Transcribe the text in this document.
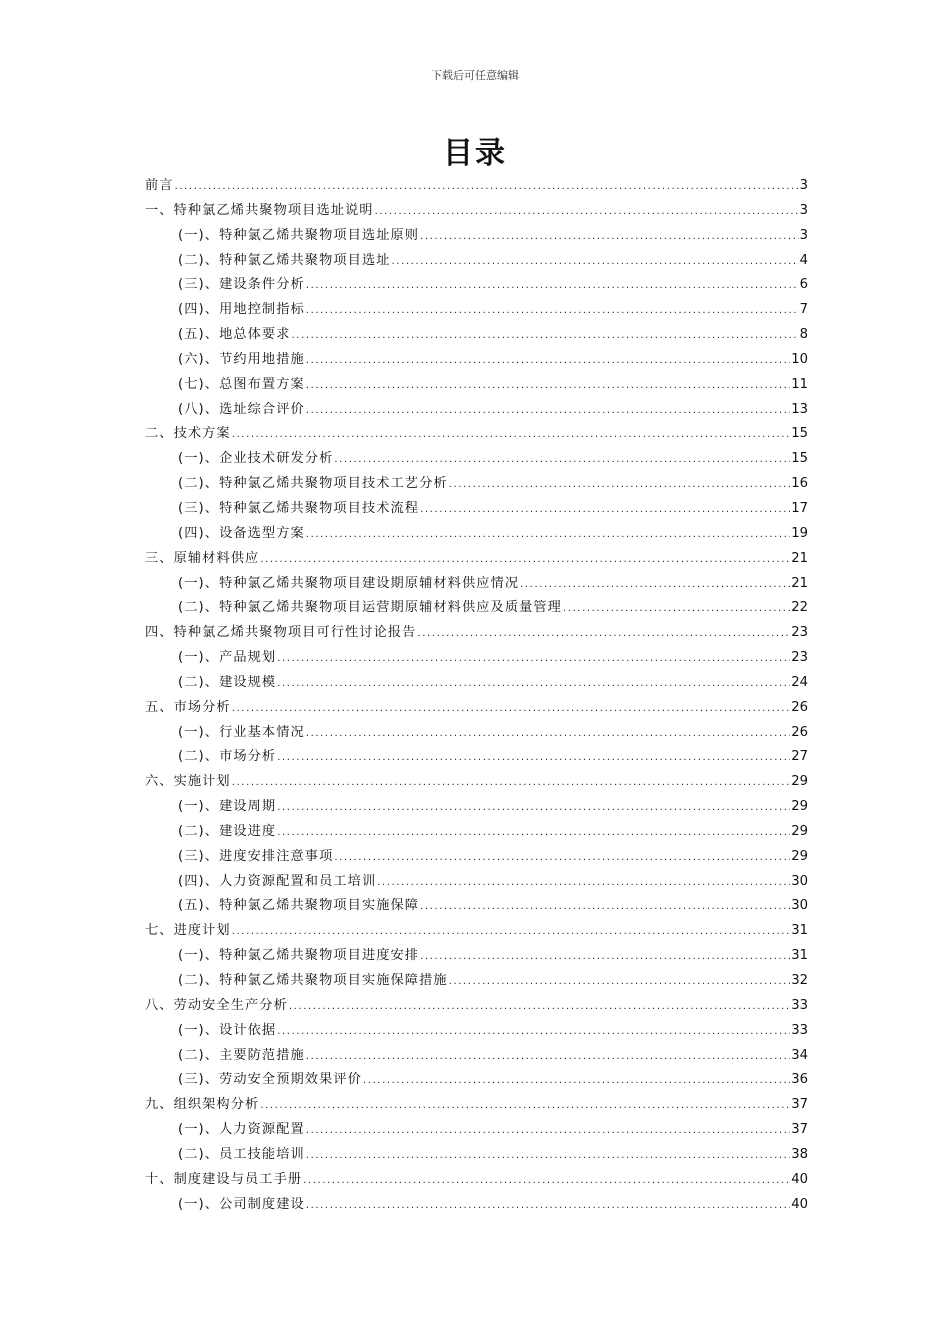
下载后可任意编辑
目录
前言 .....	3
一、特种氯乙烯共聚物项目选址说明 .....	3
(一)、特种氯乙烯共聚物项目选址原则 .....	3
(二)、特种氯乙烯共聚物项目选址 .....	4
(三)、建设条件分析 .....	6
(四)、用地控制指标 .....	7
(五)、地总体要求 .....	8
(六)、节约用地措施 .....	10
(七)、总图布置方案 .....	11
(八)、选址综合评价 .....	13
二、技术方案 .....	15
(一)、企业技术研发分析 .....	15
(二)、特种氯乙烯共聚物项目技术工艺分析 .....	16
(三)、特种氯乙烯共聚物项目技术流程 .....	17
(四)、设备选型方案 .....	19
三、原辅材料供应 .....	21
(一)、特种氯乙烯共聚物项目建设期原辅材料供应情况 .....	21
(二)、特种氯乙烯共聚物项目运营期原辅材料供应及质量管理 .....	22
四、特种氯乙烯共聚物项目可行性讨论报告 .....	23
(一)、产品规划 .....	23
(二)、建设规模 .....	24
五、市场分析 .....	26
(一)、行业基本情况 .....	26
(二)、市场分析 .....	27
六、实施计划 .....	29
(一)、建设周期 .....	29
(二)、建设进度 .....	29
(三)、进度安排注意事项 .....	29
(四)、人力资源配置和员工培训 .....	30
(五)、特种氯乙烯共聚物项目实施保障 .....	30
七、进度计划 .....	31
(一)、特种氯乙烯共聚物项目进度安排 .....	31
(二)、特种氯乙烯共聚物项目实施保障措施 .....	32
八、劳动安全生产分析 .....	33
(一)、设计依据 .....	33
(二)、主要防范措施 .....	34
(三)、劳动安全预期效果评价 .....	36
九、组织架构分析 .....	37
(一)、人力资源配置 .....	37
(二)、员工技能培训 .....	38
十、制度建设与员工手册 .....	40
(一)、公司制度建设 .....	40
